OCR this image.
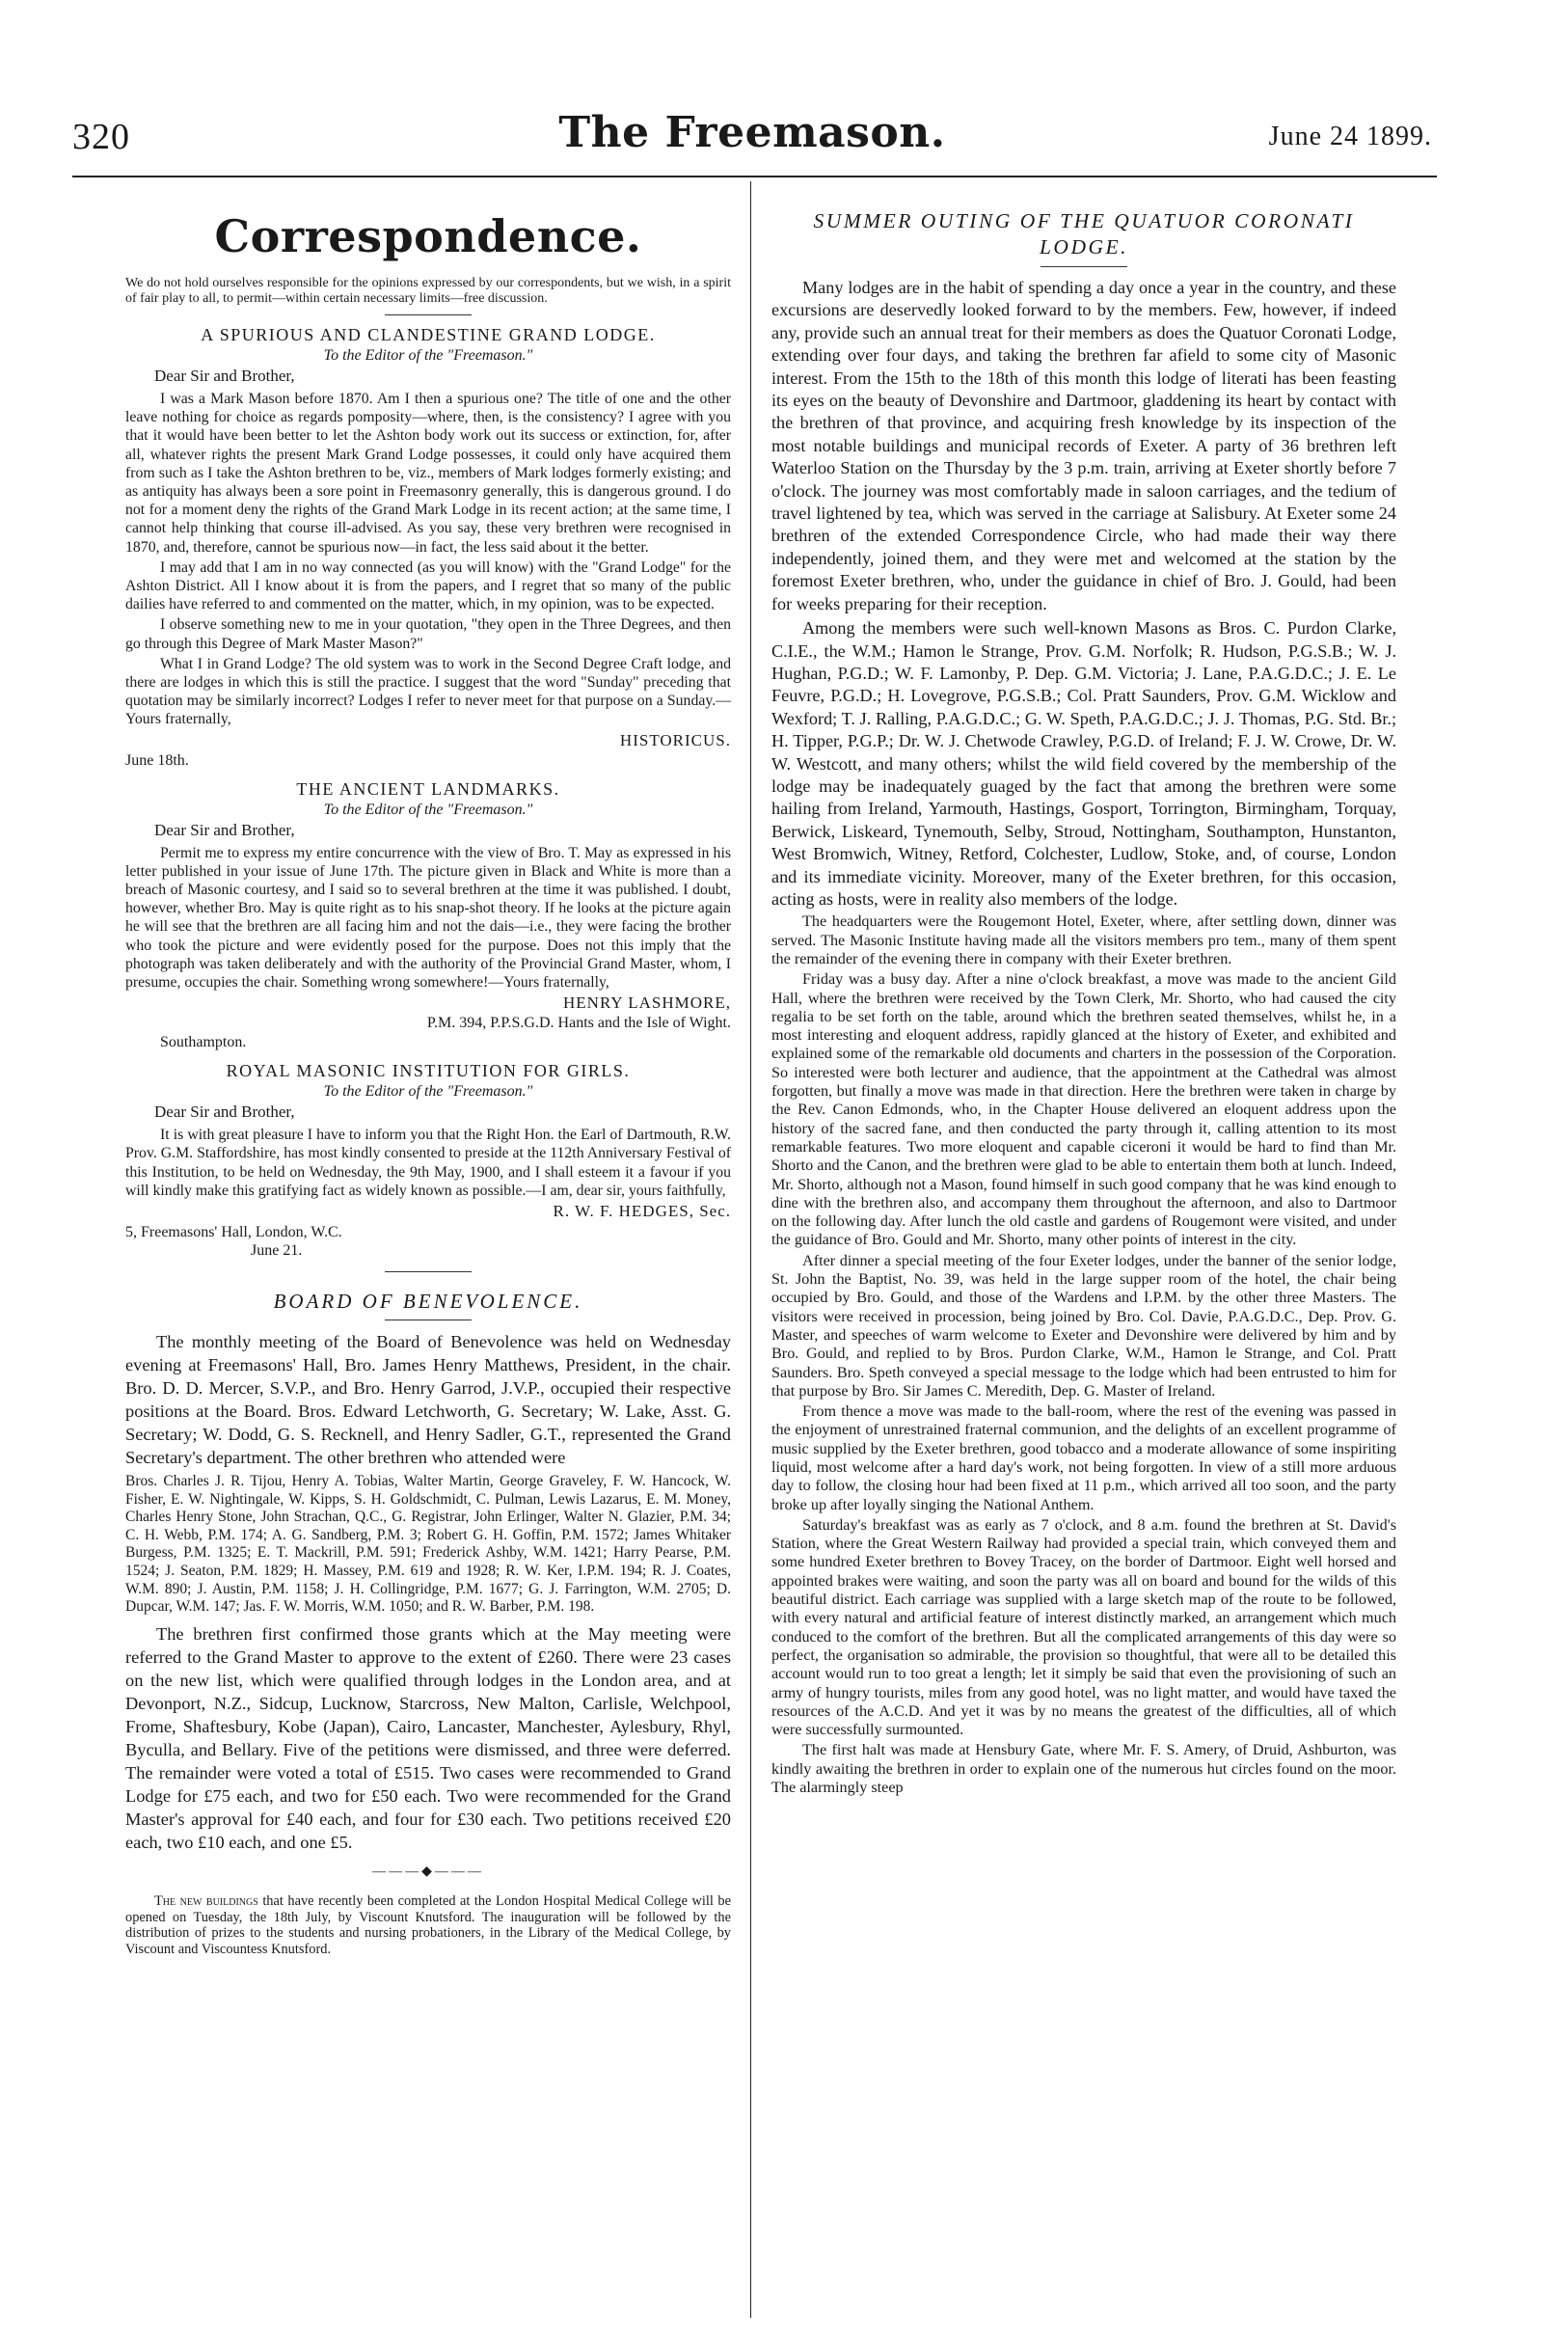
320	The Freemason.	June 24 1899.
Correspondence.
We do not hold ourselves responsible for the opinions expressed by our correspondents, but we wish, in a spirit of fair play to all, to permit—within certain necessary limits—free discussion.
A SPURIOUS AND CLANDESTINE GRAND LODGE.
To the Editor of the "Freemason."
Dear Sir and Brother,

I was a Mark Mason before 1870. Am I then a spurious one? The title of one and the other leave nothing for choice as regards pomposity—where, then, is the consistency? I agree with you that it would have been better to let the Ashton body work out its success or extinction, for, after all, whatever rights the present Mark Grand Lodge possesses, it could only have acquired them from such as I take the Ashton brethren to be, viz., members of Mark lodges formerly existing; and as antiquity has always been a sore point in Freemasonry generally, this is dangerous ground. I do not for a moment deny the rights of the Grand Mark Lodge in its recent action; at the same time, I cannot help thinking that course ill-advised. As you say, these very brethren were recognised in 1870, and, therefore, cannot be spurious now—in fact, the less said about it the better.

I may add that I am in no way connected (as you will know) with the "Grand Lodge" for the Ashton District. All I know about it is from the papers, and I regret that so many of the public dailies have referred to and commented on the matter, which, in my opinion, was to be expected.

I observe something new to me in your quotation, "they open in the Three Degrees, and then go through this Degree of Mark Master Mason?"

What I in Grand Lodge? The old system was to work in the Second Degree Craft lodge, and there are lodges in which this is still the practice. I suggest that the word "Sunday" preceding that quotation may be similarly incorrect? Lodges I refer to never meet for that purpose on a Sunday.—Yours fraternally,

HISTORICUS.
June 18th.
THE ANCIENT LANDMARKS.
To the Editor of the "Freemason."
Dear Sir and Brother,

Permit me to express my entire concurrence with the view of Bro. T. May as expressed in his letter published in your issue of June 17th. The picture given in Black and White is more than a breach of Masonic courtesy, and I said so to several brethren at the time it was published. I doubt, however, whether Bro. May is quite right as to his snap-shot theory. If he looks at the picture again he will see that the brethren are all facing him and not the dais—i.e., they were facing the brother who took the picture and were evidently posed for the purpose. Does not this imply that the photograph was taken deliberately and with the authority of the Provincial Grand Master, whom, I presume, occupies the chair. Something wrong somewhere!—Yours fraternally,

HENRY LASHMORE,
P.M. 394, P.P.S.G.D. Hants and the Isle of Wight.
Southampton.
ROYAL MASONIC INSTITUTION FOR GIRLS.
To the Editor of the "Freemason."
Dear Sir and Brother,

It is with great pleasure I have to inform you that the Right Hon. the Earl of Dartmouth, R.W. Prov. G.M. Staffordshire, has most kindly consented to preside at the 112th Anniversary Festival of this Institution, to be held on Wednesday, the 9th May, 1900, and I shall esteem it a favour if you will kindly make this gratifying fact as widely known as possible.—I am, dear sir, yours faithfully,

R. W. F. HEDGES, Sec.
5, Freemasons' Hall, London, W.C.
June 21.
BOARD OF BENEVOLENCE.

The monthly meeting of the Board of Benevolence was held on Wednesday evening at Freemasons' Hall, Bro. James Henry Matthews, President, in the chair. Bro. D. D. Mercer, S.V.P., and Bro. Henry Garrod, J.V.P., occupied their respective positions at the Board. Bros. Edward Letchworth, G. Secretary; W. Lake, Asst. G. Secretary; W. Dodd, G. S. Recknell, and Henry Sadler, G.T., represented the Grand Secretary's department. The other brethren who attended were

Bros. Charles J. R. Tijou, Henry A. Tobias, Walter Martin, George Graveley, F. W. Hancock, W. Fisher, E. W. Nightingale, W. Kipps, S. H. Goldschmidt, C. Pulman, Lewis Lazarus, E. M. Money, Charles Henry Stone, John Strachan, Q.C., G. Registrar, John Erlinger, Walter N. Glazier, P.M. 34; C. H. Webb, P.M. 174; A. G. Sandberg, P.M. 3; Robert G. H. Goffin, P.M. 1572; James Whitaker Burgess, P.M. 1325; E. T. Mackrill, P.M. 591; Frederick Ashby, W.M. 1421; Harry Pearse, P.M. 1524; J. Seaton, P.M. 1829; H. Massey, P.M. 619 and 1928; R. W. Ker, I.P.M. 194; R. J. Coates, W.M. 890; J. Austin, P.M. 1158; J. H. Collingridge, P.M. 1677; G. J. Farrington, W.M. 2705; D. Dupcar, W.M. 147; Jas. F. W. Morris, W.M. 1050; and R. W. Barber, P.M. 198.

The brethren first confirmed those grants which at the May meeting were referred to the Grand Master to approve to the extent of £260. There were 23 cases on the new list, which were qualified through lodges in the London area, and at Devonport, N.Z., Sidcup, Lucknow, Starcross, New Malton, Carlisle, Welchpool, Frome, Shaftesbury, Kobe (Japan), Cairo, Lancaster, Manchester, Aylesbury, Rhyl, Byculla, and Bellary. Five of the petitions were dismissed, and three were deferred. The remainder were voted a total of £515. Two cases were recommended to Grand Lodge for £75 each, and two for £50 each. Two were recommended for the Grand Master's approval for £40 each, and four for £30 each. Two petitions received £20 each, two £10 each, and one £5.

———◆———

The new buildings that have recently been completed at the London Hospital Medical College will be opened on Tuesday, the 18th July, by Viscount Knutsford. The inauguration will be followed by the distribution of prizes to the students and nursing probationers, in the Library of the Medical College, by Viscount and Viscountess Knutsford.

SUMMER OUTING OF THE QUATUOR CORONATI LODGE.

Many lodges are in the habit of spending a day once a year in the country, and these excursions are deservedly looked forward to by the members. Few, however, if indeed any, provide such an annual treat for their members as does the Quatuor Coronati Lodge, extending over four days, and taking the brethren far afield to some city of Masonic interest. From the 15th to the 18th of this month this lodge of literati has been feasting its eyes on the beauty of Devonshire and Dartmoor, gladdening its heart by contact with the brethren of that province, and acquiring fresh knowledge by its inspection of the most notable buildings and municipal records of Exeter. A party of 36 brethren left Waterloo Station on the Thursday by the 3 p.m. train, arriving at Exeter shortly before 7 o'clock. The journey was most comfortably made in saloon carriages, and the tedium of travel lightened by tea, which was served in the carriage at Salisbury. At Exeter some 24 brethren of the extended Correspondence Circle, who had made their way there independently, joined them, and they were met and welcomed at the station by the foremost Exeter brethren, who, under the guidance in chief of Bro. J. Gould, had been for weeks preparing for their reception.

Among the members were such well-known Masons as Bros. C. Purdon Clarke, C.I.E., the W.M.; Hamon le Strange, Prov. G.M. Norfolk; R. Hudson, P.G.S.B.; W. J. Hughan, P.G.D.; W. F. Lamonby, P. Dep. G.M. Victoria; J. Lane, P.A.G.D.C.; J. E. Le Feuvre, P.G.D.; H. Lovegrove, P.G.S.B.; Col. Pratt Saunders, Prov. G.M. Wicklow and Wexford; T. J. Ralling, P.A.G.D.C.; G. W. Speth, P.A.G.D.C.; J. J. Thomas, P.G. Std. Br.; H. Tipper, P.G.P.; Dr. W. J. Chetwode Crawley, P.G.D. of Ireland; F. J. W. Crowe, Dr. W. W. Westcott, and many others; whilst the wild field covered by the membership of the lodge may be inadequately guaged by the fact that among the brethren were some hailing from Ireland, Yarmouth, Hastings, Gosport, Torrington, Birmingham, Torquay, Berwick, Liskeard, Tynemouth, Selby, Stroud, Nottingham, Southampton, Hunstanton, West Bromwich, Witney, Retford, Colchester, Ludlow, Stoke, and, of course, London and its immediate vicinity. Moreover, many of the Exeter brethren, for this occasion, acting as hosts, were in reality also members of the lodge.

The headquarters were the Rougemont Hotel, Exeter, where, after settling down, dinner was served. The Masonic Institute having made all the visitors members pro tem., many of them spent the remainder of the evening there in company with their Exeter brethren.

Friday was a busy day. After a nine o'clock breakfast, a move was made to the ancient Gild Hall, where the brethren were received by the Town Clerk, Mr. Shorto, who had caused the city regalia to be set forth on the table, around which the brethren seated themselves, whilst he, in a most interesting and eloquent address, rapidly glanced at the history of Exeter, and exhibited and explained some of the remarkable old documents and charters in the possession of the Corporation. So interested were both lecturer and audience, that the appointment at the Cathedral was almost forgotten, but finally a move was made in that direction. Here the brethren were taken in charge by the Rev. Canon Edmonds, who, in the Chapter House delivered an eloquent address upon the history of the sacred fane, and then conducted the party through it, calling attention to its most remarkable features. Two more eloquent and capable ciceroni it would be hard to find than Mr. Shorto and the Canon, and the brethren were glad to be able to entertain them both at lunch. Indeed, Mr. Shorto, although not a Mason, found himself in such good company that he was kind enough to dine with the brethren also, and accompany them throughout the afternoon, and also to Dartmoor on the following day. After lunch the old castle and gardens of Rougemont were visited, and under the guidance of Bro. Gould and Mr. Shorto, many other points of interest in the city.

After dinner a special meeting of the four Exeter lodges, under the banner of the senior lodge, St. John the Baptist, No. 39, was held in the large supper room of the hotel, the chair being occupied by Bro. Gould, and those of the Wardens and I.P.M. by the other three Masters. The visitors were received in procession, being joined by Bro. Col. Davie, P.A.G.D.C., Dep. Prov. G. Master, and speeches of warm welcome to Exeter and Devonshire were delivered by him and by Bro. Gould, and replied to by Bros. Purdon Clarke, W.M., Hamon le Strange, and Col. Pratt Saunders. Bro. Speth conveyed a special message to the lodge which had been entrusted to him for that purpose by Bro. Sir James C. Meredith, Dep. G. Master of Ireland.

From thence a move was made to the ball-room, where the rest of the evening was passed in the enjoyment of unrestrained fraternal communion, and the delights of an excellent programme of music supplied by the Exeter brethren, good tobacco and a moderate allowance of some inspiriting liquid, most welcome after a hard day's work, not being forgotten. In view of a still more arduous day to follow, the closing hour had been fixed at 11 p.m., which arrived all too soon, and the party broke up after loyally singing the National Anthem.

Saturday's breakfast was as early as 7 o'clock, and 8 a.m. found the brethren at St. David's Station, where the Great Western Railway had provided a special train, which conveyed them and some hundred Exeter brethren to Bovey Tracey, on the border of Dartmoor. Eight well horsed and appointed brakes were waiting, and soon the party was all on board and bound for the wilds of this beautiful district. Each carriage was supplied with a large sketch map of the route to be followed, with every natural and artificial feature of interest distinctly marked, an arrangement which much conduced to the comfort of the brethren. But all the complicated arrangements of this day were so perfect, the organisation so admirable, the provision so thoughtful, that were all to be detailed this account would run to too great a length; let it simply be said that even the provisioning of such an army of hungry tourists, miles from any good hotel, was no light matter, and would have taxed the resources of the A.C.D. And yet it was by no means the greatest of the difficulties, all of which were successfully surmounted.

The first halt was made at Hensbury Gate, where Mr. F. S. Amery, of Druid, Ashburton, was kindly awaiting the brethren in order to explain one of the numerous hut circles found on the moor. The alarmingly steep
